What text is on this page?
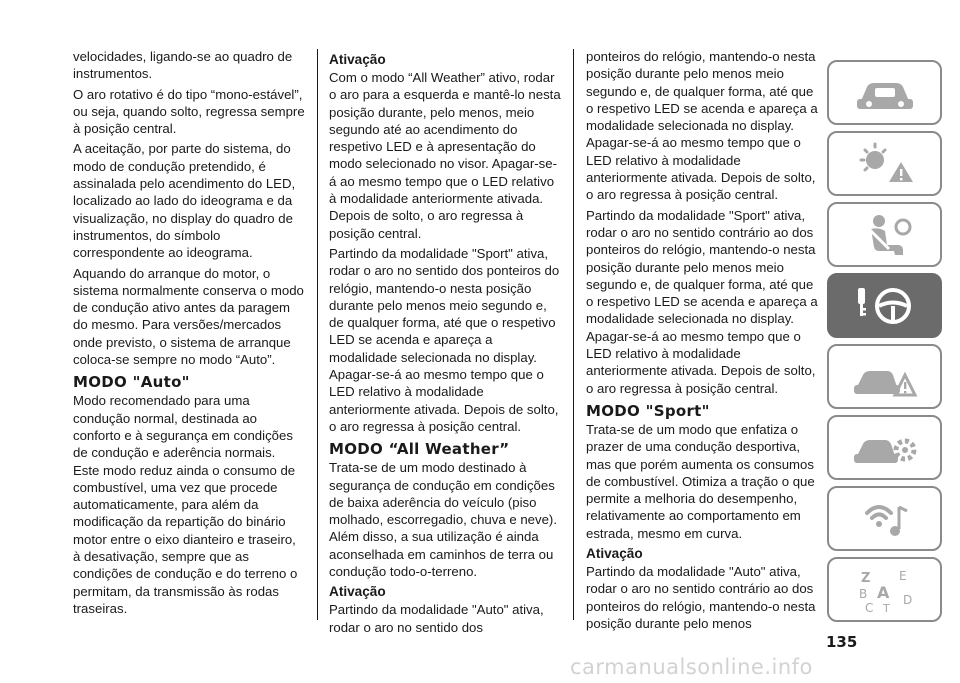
velocidades, ligando-se ao quadro de instrumentos.

O aro rotativo é do tipo “mono-estável”, ou seja, quando solto, regressa sempre à posição central.

A aceitação, por parte do sistema, do modo de condução pretendido, é assinalada pelo acendimento do LED, localizado ao lado do ideograma e da visualização, no display do quadro de instrumentos, do símbolo correspondente ao ideograma.

Aquando do arranque do motor, o sistema normalmente conserva o modo de condução ativo antes da paragem do mesmo. Para versões/mercados onde previsto, o sistema de arranque coloca-se sempre no modo “Auto”.

MODO "Auto"

Modo recomendado para uma condução normal, destinada ao conforto e à segurança em condições de condução e aderência normais. Este modo reduz ainda o consumo de combustível, uma vez que procede automaticamente, para além da modificação da repartição do binário motor entre o eixo dianteiro e traseiro, à desativação, sempre que as condições de condução e do terreno o permitam, da transmissão às rodas traseiras.

Ativação

Com o modo “All Weather” ativo, rodar o aro para a esquerda e mantê-lo nesta posição durante, pelo menos, meio segundo até ao acendimento do respetivo LED e à apresentação do modo selecionado no visor. Apagar-se-á ao mesmo tempo que o LED relativo à modalidade anteriormente ativada. Depois de solto, o aro regressa à posição central.

Partindo da modalidade "Sport" ativa, rodar o aro no sentido dos ponteiros do relógio, mantendo-o nesta posição durante pelo menos meio segundo e, de qualquer forma, até que o respetivo LED se acenda e apareça a modalidade selecionada no display. Apagar-se-á ao mesmo tempo que o LED relativo à modalidade anteriormente ativada. Depois de solto, o aro regressa à posição central.

MODO “All Weather”

Trata-se de um modo destinado à segurança de condução em condições de baixa aderência do veículo (piso molhado, escorregadio, chuva e neve). Além disso, a sua utilização é ainda aconselhada em caminhos de terra ou condução todo-o-terreno.

Ativação

Partindo da modalidade "Auto" ativa, rodar o aro no sentido dos

ponteiros do relógio, mantendo-o nesta posição durante pelo menos meio segundo e, de qualquer forma, até que o respetivo LED se acenda e apareça a modalidade selecionada no display. Apagar-se-á ao mesmo tempo que o LED relativo à modalidade anteriormente ativada. Depois de solto, o aro regressa à posição central.

Partindo da modalidade "Sport" ativa, rodar o aro no sentido contrário ao dos ponteiros do relógio, mantendo-o nesta posição durante pelo menos meio segundo e, de qualquer forma, até que o respetivo LED se acenda e apareça a modalidade selecionada no display. Apagar-se-á ao mesmo tempo que o LED relativo à modalidade anteriormente ativada. Depois de solto, o aro regressa à posição central.

MODO "Sport"

Trata-se de um modo que enfatiza o prazer de uma condução desportiva, mas que porém aumenta os consumos de combustível. Otimiza a tração o que permite a melhoria do desempenho, relativamente ao comportamento em estrada, mesmo em curva.

Ativação

Partindo da modalidade "Auto" ativa, rodar o aro no sentido contrário ao dos ponteiros do relógio, mantendo-o nesta posição durante pelo menos

Z E
B A
C T
D
135
carmanualsonline.info
